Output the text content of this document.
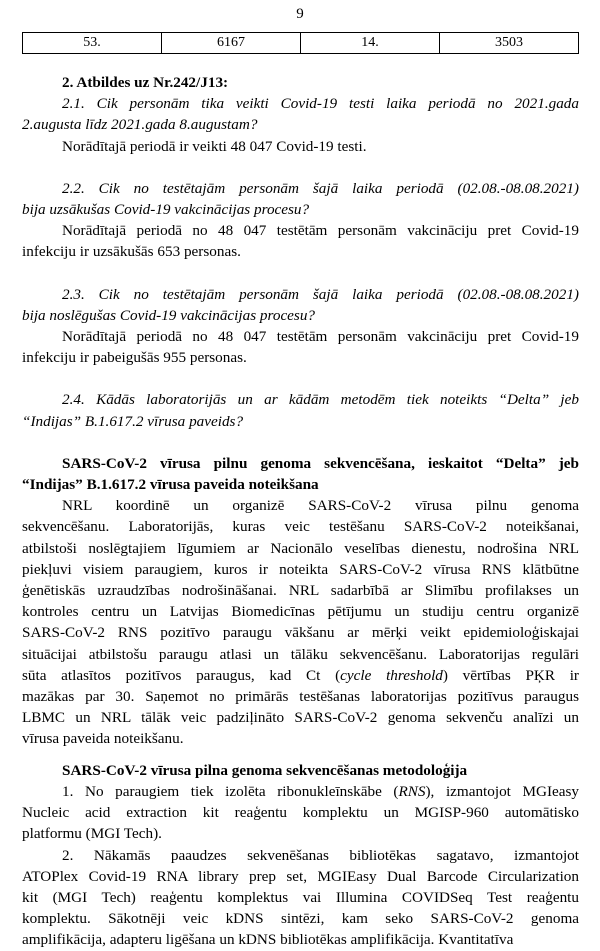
9
53.	6167	14.	3503

2. Atbildes uz Nr.242/J13:

2.1. Cik personām tika veikti Covid-19 testi laika periodā no 2021.gada

2.augusta līdz 2021.gada 8.augustam?

Norādītajā periodā ir veikti 48 047 Covid-19 testi.

2.2. Cik no testētajām personām šajā laika periodā (02.08.-08.08.2021)

bija uzsākušas Covid-19 vakcinācijas procesu?

Norādītajā periodā no 48 047 testētām personām vakcināciju pret Covid-19

infekciju ir uzsākušās 653 personas.

2.3. Cik no testētajām personām šajā laika periodā (02.08.-08.08.2021)

bija noslēgušas Covid-19 vakcinācijas procesu?

Norādītajā periodā no 48 047 testētām personām vakcināciju pret Covid-19

infekciju ir pabeigušās 955 personas.

2.4. Kādās laboratorijās un ar kādām metodēm tiek noteikts “Delta” jeb

“Indijas” B.1.617.2 vīrusa paveids?

SARS-CoV-2 vīrusa pilnu genoma sekvencēšana, ieskaitot “Delta” jeb

“Indijas” B.1.617.2 vīrusa paveida noteikšana

NRL koordinē un organizē SARS-CoV-2 vīrusa pilnu genoma

sekvencēšanu. Laboratorijās, kuras veic testēšanu SARS-CoV-2 noteikšanai,

atbilstoši noslēgtajiem līgumiem ar Nacionālo veselības dienestu, nodrošina NRL

piekļuvi visiem paraugiem, kuros ir noteikta SARS-CoV-2 vīrusa RNS klātbūtne

ģenētiskās uzraudzības nodrošināšanai. NRL sadarbībā ar Slimību profilakses un

kontroles centru un Latvijas Biomedicīnas pētījumu un studiju centru organizē

SARS-CoV-2 RNS pozitīvo paraugu vākšanu ar mērķi veikt epidemioloģiskajai

situācijai atbilstošu paraugu atlasi un tālāku sekvencēšanu. Laboratorijas regulāri

sūta atlasītos pozitīvos paraugus, kad Ct (cycle threshold) vērtības PĶR ir

mazākas par 30. Saņemot no primārās testēšanas laboratorijas pozitīvus paraugus

LBMC un NRL tālāk veic padziļināto SARS-CoV-2 genoma sekvenču analīzi un

vīrusa paveida noteikšanu.

SARS-CoV-2 vīrusa pilna genoma sekvencēšanas metodoloģija

1. No paraugiem tiek izolēta ribonukleīnskābe (RNS), izmantojot MGIeasy

Nucleic acid extraction kit reaģentu komplektu un MGISP-960 automātisko

platformu (MGI Tech).

2. Nākamās paaudzes sekvenēšanas bibliotēkas sagatavo, izmantojot

ATOPlex Covid-19 RNA library prep set, MGIEasy Dual Barcode Circularization

kit (MGI Tech) reaģentu komplektus vai Illumina COVIDSeq Test reaģentu

komplektu. Sākotnēji veic kDNS sintēzi, kam seko SARS-CoV-2 genoma

amplifikācija, adapteru ligēšana un kDNS bibliotēkas amplifikācija. Kvantitatīva
